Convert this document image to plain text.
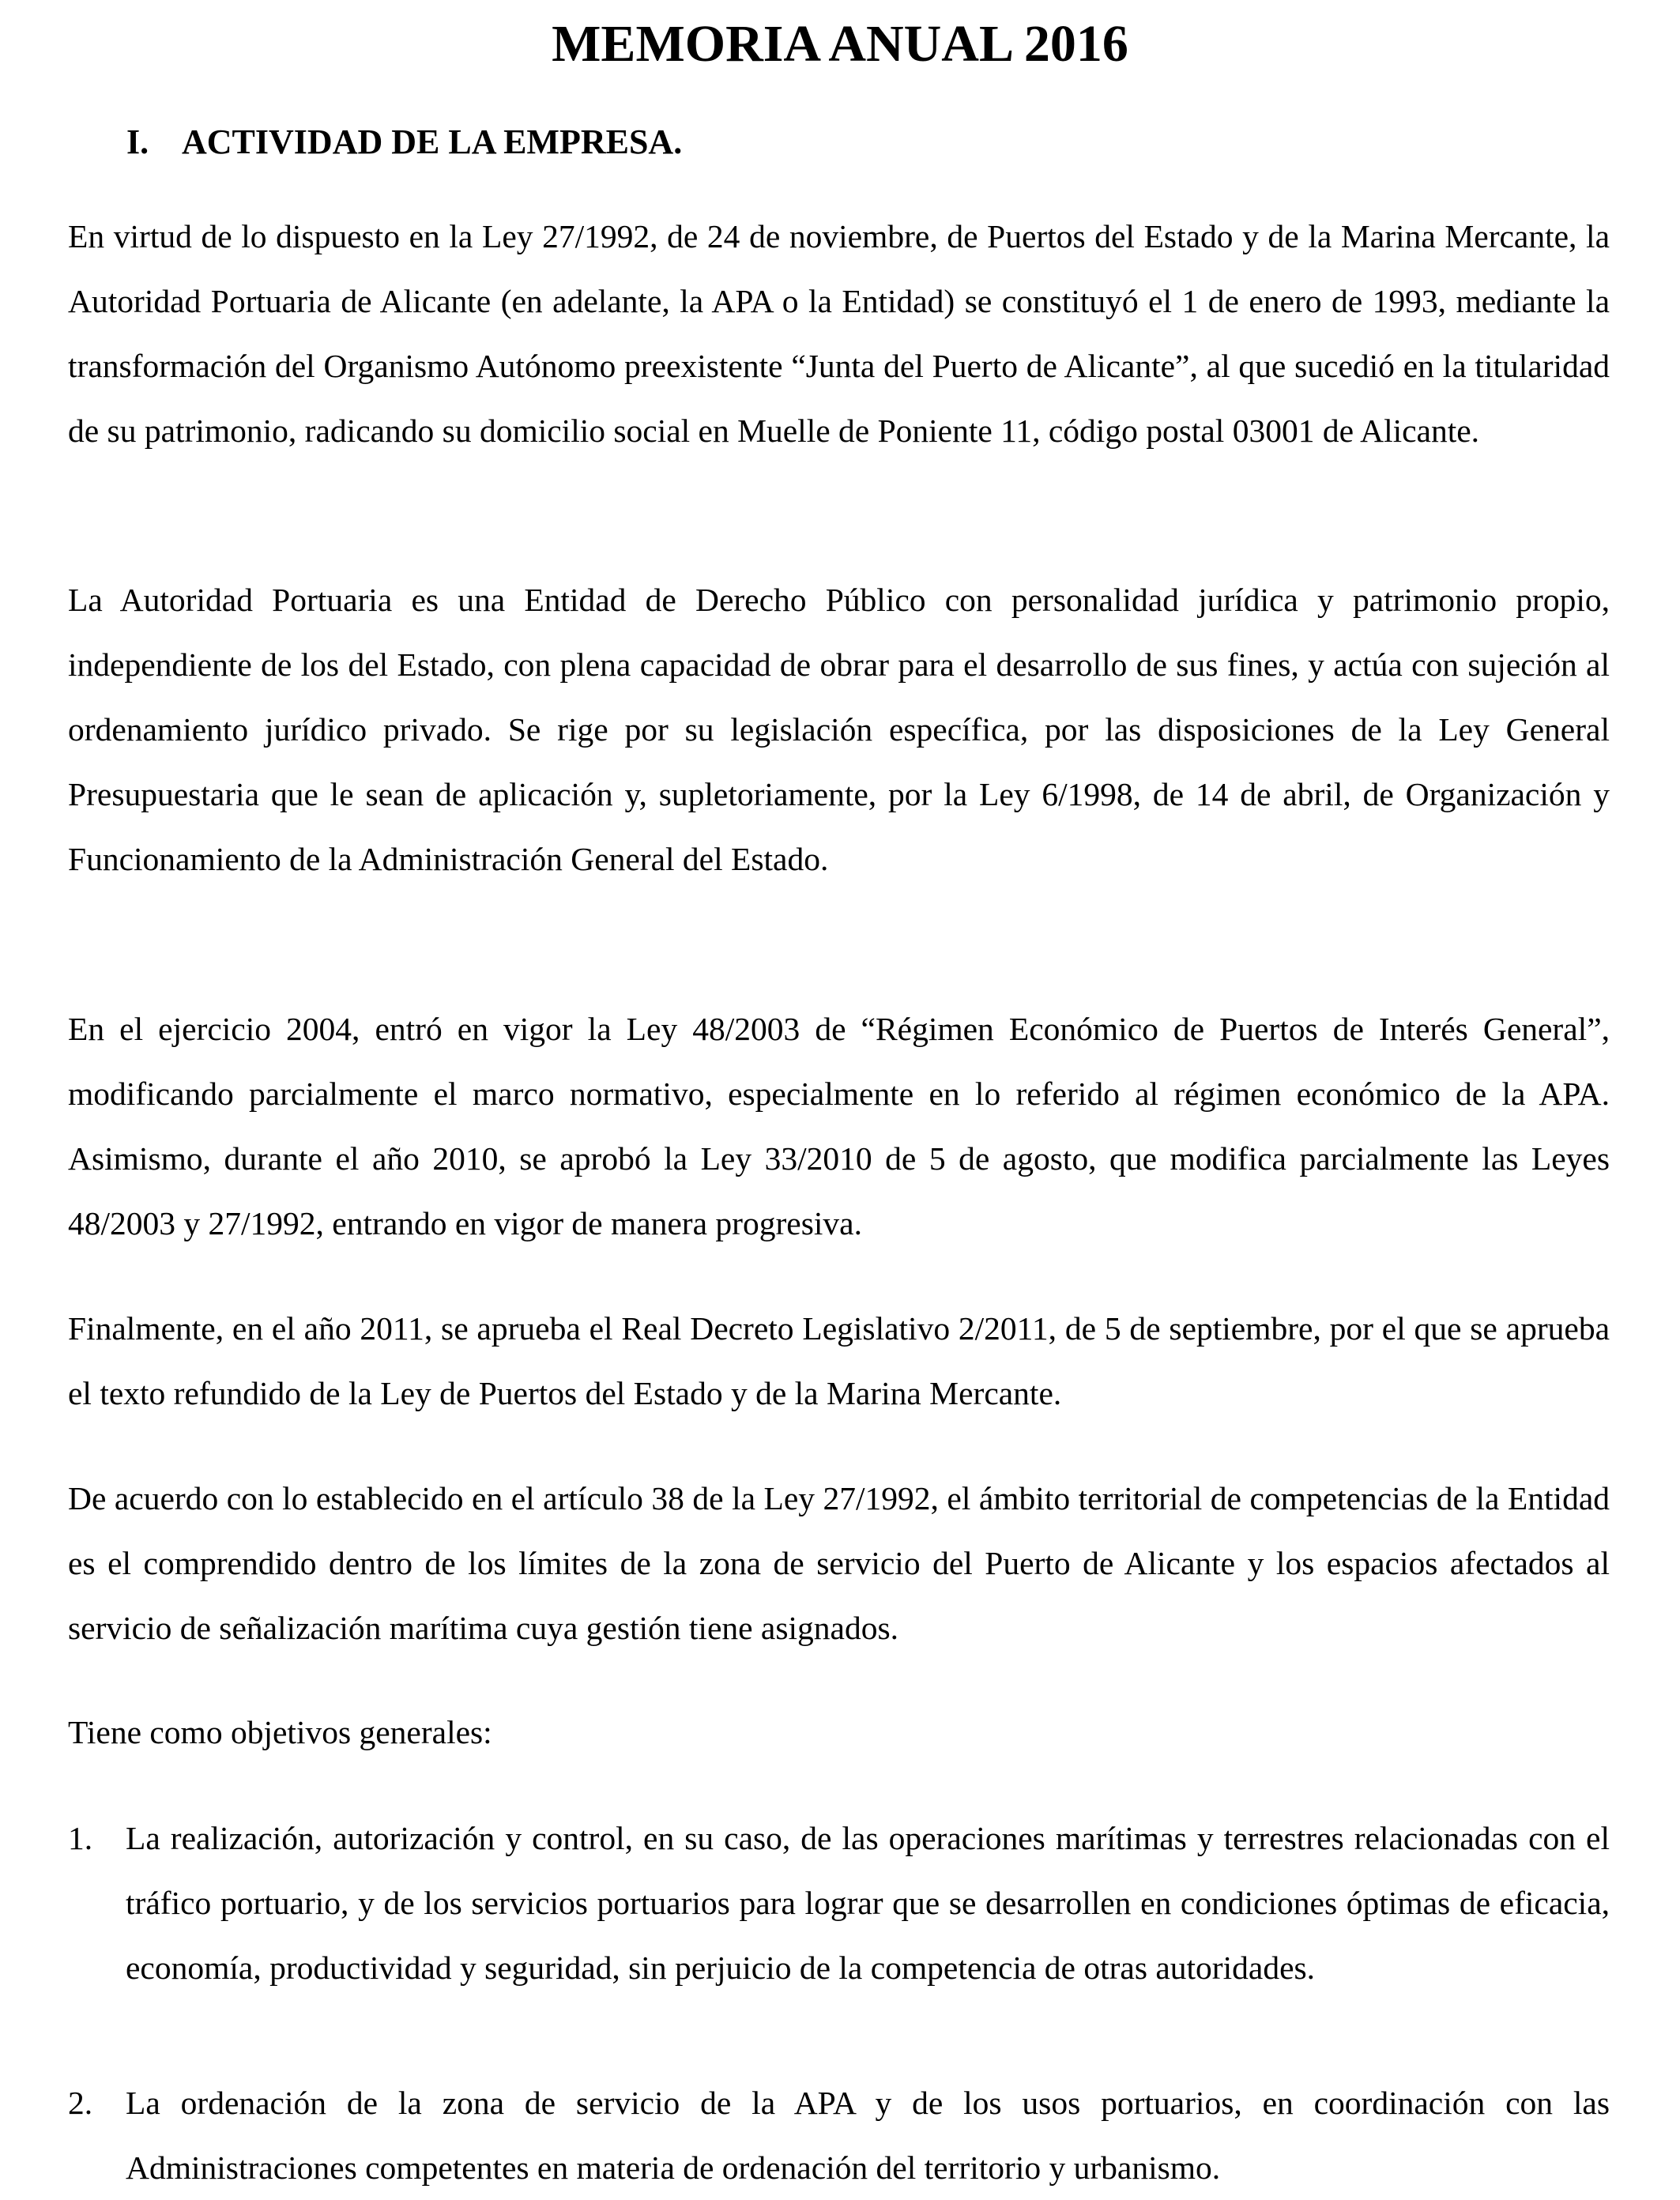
MEMORIA ANUAL 2016
I. ACTIVIDAD DE LA EMPRESA.

En virtud de lo dispuesto en la Ley 27/1992, de 24 de noviembre, de Puertos del Estado y de la Marina Mercante, la Autoridad Portuaria de Alicante (en adelante, la APA o la Entidad) se constituyó el 1 de enero de 1993, mediante la transformación del Organismo Autónomo preexistente “Junta del Puerto de Alicante”, al que sucedió en la titularidad de su patrimonio, radicando su domicilio social en Muelle de Poniente 11, código postal 03001 de Alicante.

La Autoridad Portuaria es una Entidad de Derecho Público con personalidad jurídica y patrimonio propio, independiente de los del Estado, con plena capacidad de obrar para el desarrollo de sus fines, y actúa con sujeción al ordenamiento jurídico privado. Se rige por su legislación específica, por las disposiciones de la Ley General Presupuestaria que le sean de aplicación y, supletoriamente, por la Ley 6/1998, de 14 de abril, de Organización y Funcionamiento de la Administración General del Estado.

En el ejercicio 2004, entró en vigor la Ley 48/2003 de “Régimen Económico de Puertos de Interés General”, modificando parcialmente el marco normativo, especialmente en lo referido al régimen económico de la APA. Asimismo, durante el año 2010, se aprobó la Ley 33/2010 de 5 de agosto, que modifica parcialmente las Leyes 48/2003 y 27/1992, entrando en vigor de manera progresiva.

Finalmente, en el año 2011, se aprueba el Real Decreto Legislativo 2/2011, de 5 de septiembre, por el que se aprueba el texto refundido de la Ley de Puertos del Estado y de la Marina Mercante.

De acuerdo con lo establecido en el artículo 38 de la Ley 27/1992, el ámbito territorial de competencias de la Entidad es el comprendido dentro de los límites de la zona de servicio del Puerto de Alicante y los espacios afectados al servicio de señalización marítima cuya gestión tiene asignados.

Tiene como objetivos generales:

1. La realización, autorización y control, en su caso, de las operaciones marítimas y terrestres relacionadas con el tráfico portuario, y de los servicios portuarios para lograr que se desarrollen en condiciones óptimas de eficacia, economía, productividad y seguridad, sin perjuicio de la competencia de otras autoridades.
2. La ordenación de la zona de servicio de la APA y de los usos portuarios, en coordinación con las Administraciones competentes en materia de ordenación del territorio y urbanismo.
